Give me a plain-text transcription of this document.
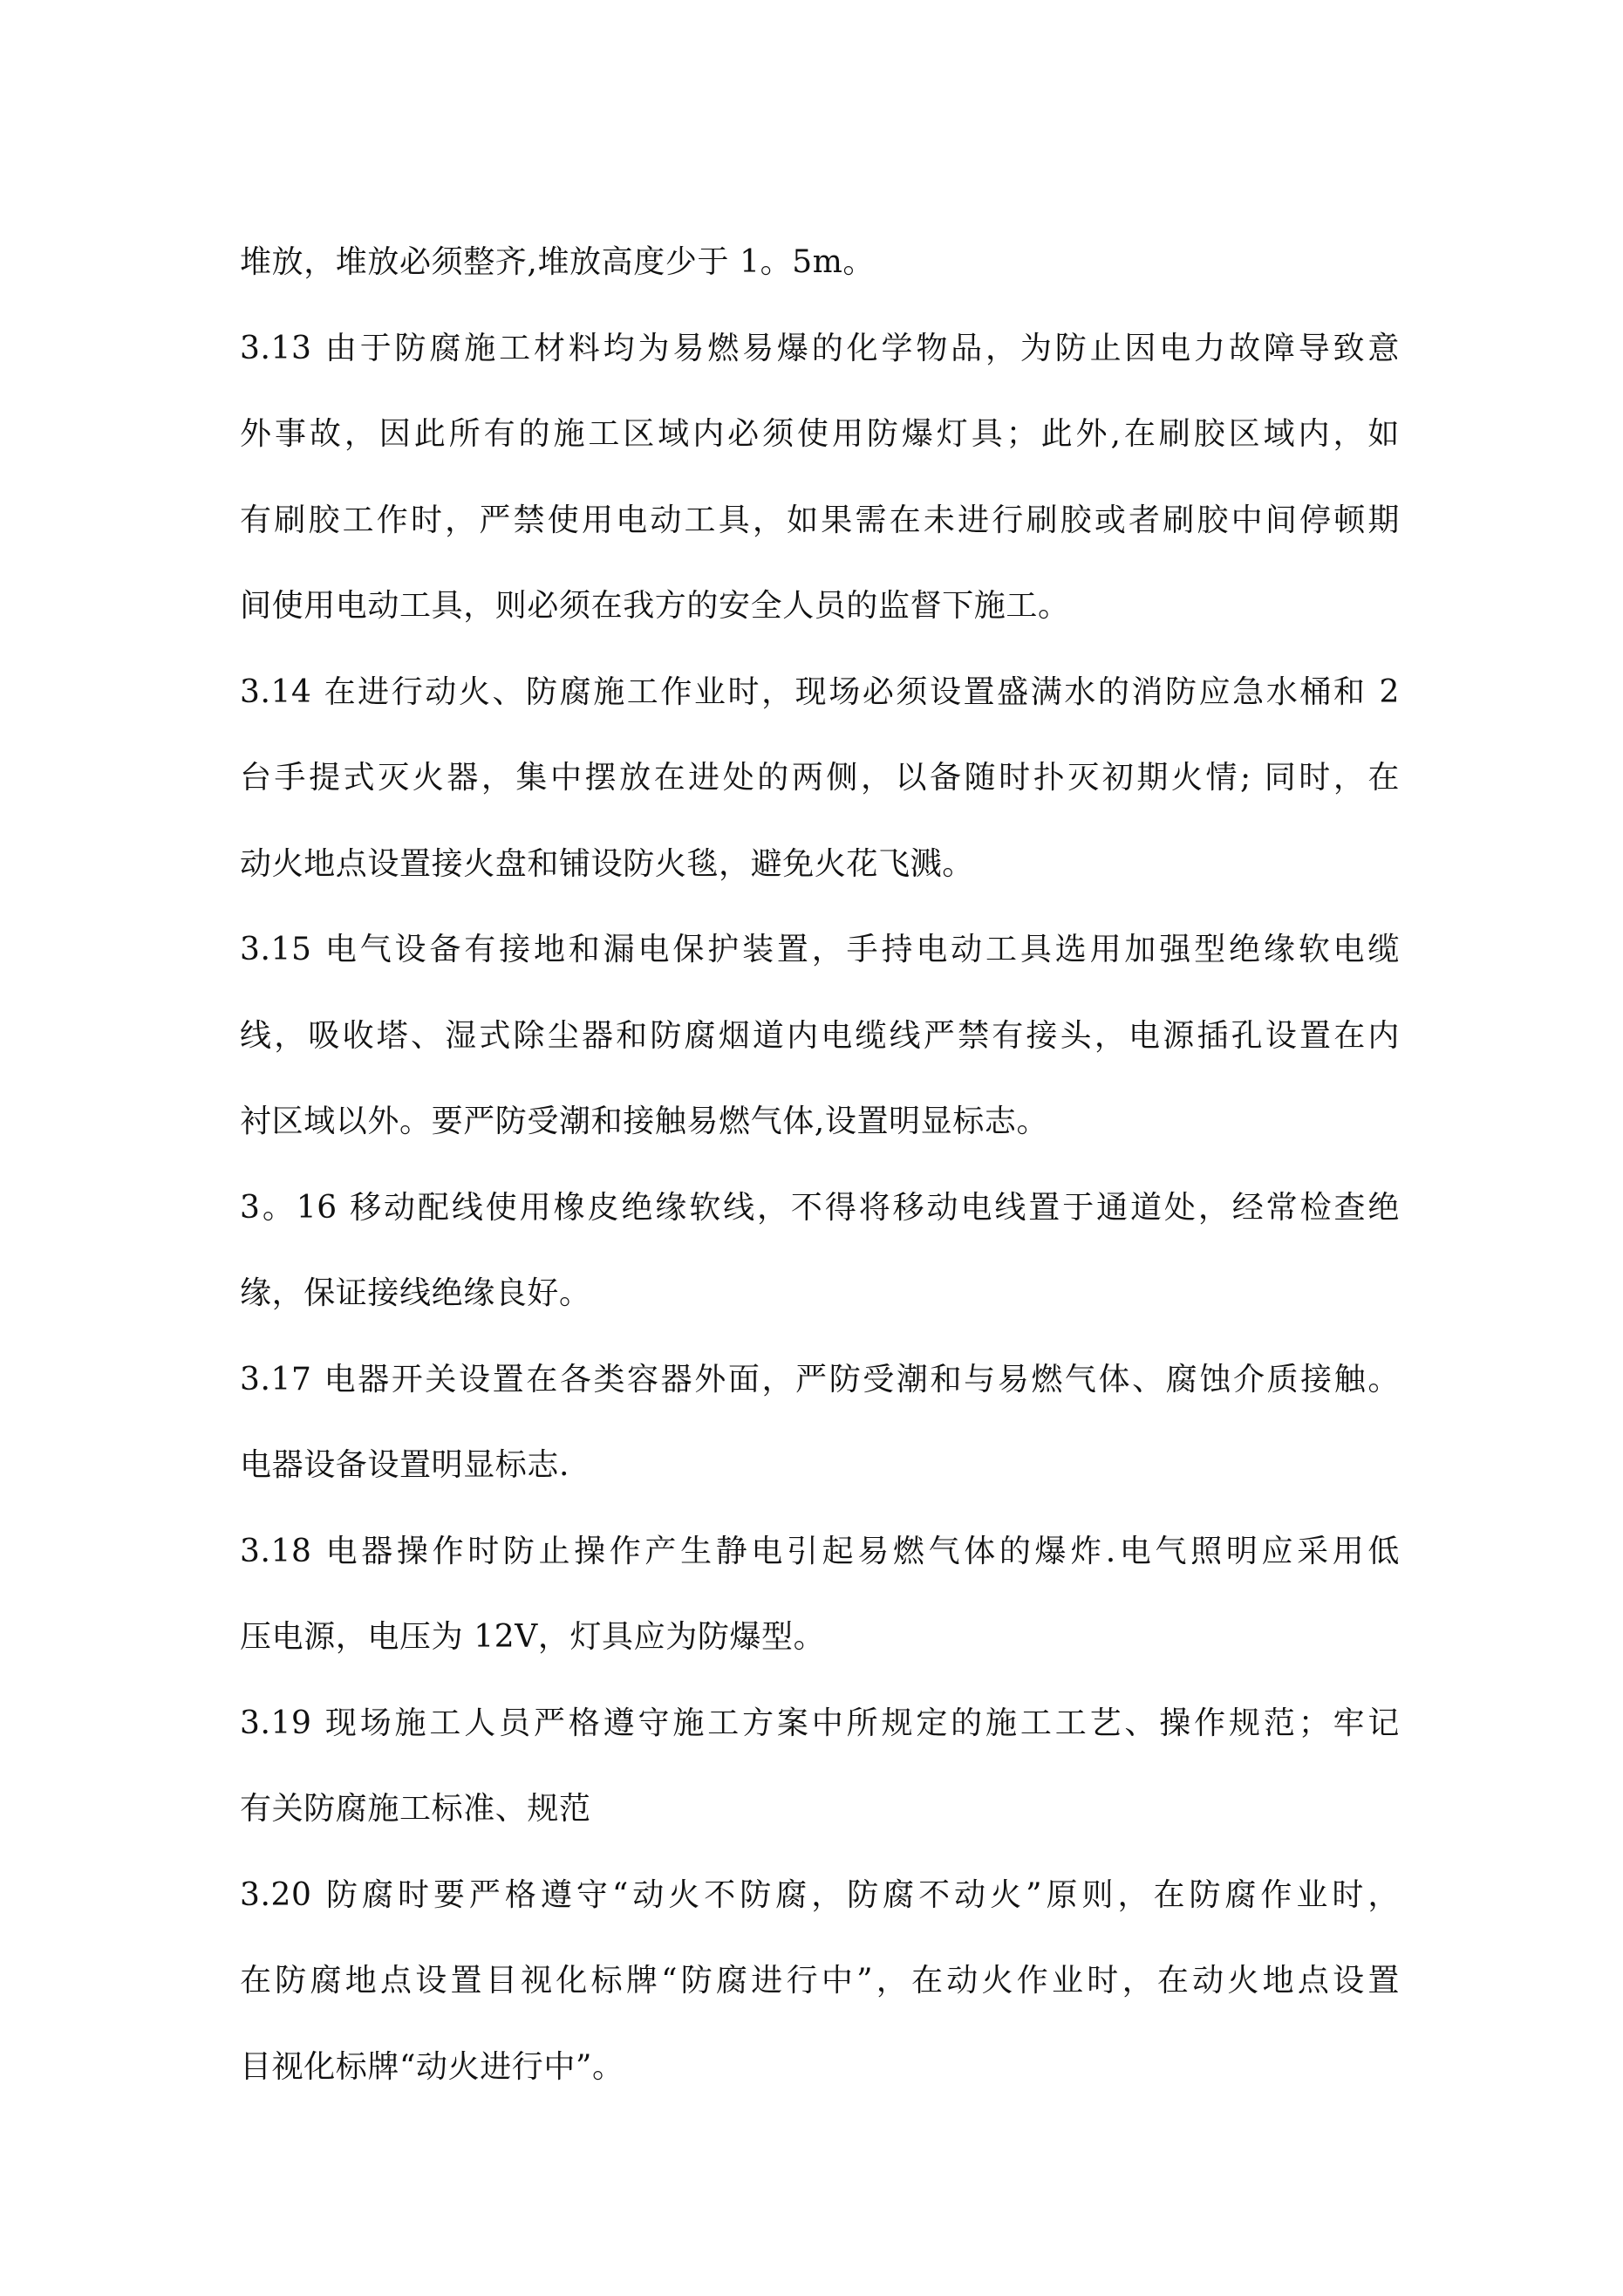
堆放，堆放必须整齐,堆放高度少于 1。5m。
3.13 由于防腐施工材料均为易燃易爆的化学物品，为防止因电力故障导致意
外事故，因此所有的施工区域内必须使用防爆灯具；此外,在刷胶区域内，如
有刷胶工作时，严禁使用电动工具，如果需在未进行刷胶或者刷胶中间停顿期
间使用电动工具，则必须在我方的安全人员的监督下施工。
3.14 在进行动火、防腐施工作业时，现场必须设置盛满水的消防应急水桶和 2
台手提式灭火器，集中摆放在进处的两侧，以备随时扑灭初期火情; 同时，在
动火地点设置接火盘和铺设防火毯，避免火花飞溅。
3.15 电气设备有接地和漏电保护装置，手持电动工具选用加强型绝缘软电缆
线，吸收塔、湿式除尘器和防腐烟道内电缆线严禁有接头，电源插孔设置在内
衬区域以外。要严防受潮和接触易燃气体,设置明显标志。
3。16 移动配线使用橡皮绝缘软线，不得将移动电线置于通道处，经常检查绝
缘，保证接线绝缘良好。
3.17 电器开关设置在各类容器外面，严防受潮和与易燃气体、腐蚀介质接触。
电器设备设置明显标志.
3.18 电器操作时防止操作产生静电引起易燃气体的爆炸.电气照明应采用低
压电源，电压为 12V，灯具应为防爆型。
3.19 现场施工人员严格遵守施工方案中所规定的施工工艺、操作规范；牢记
有关防腐施工标准、规范
3.20 防腐时要严格遵守“动火不防腐，防腐不动火”原则，在防腐作业时，
在防腐地点设置目视化标牌“防腐进行中”，在动火作业时，在动火地点设置
目视化标牌“动火进行中”。
